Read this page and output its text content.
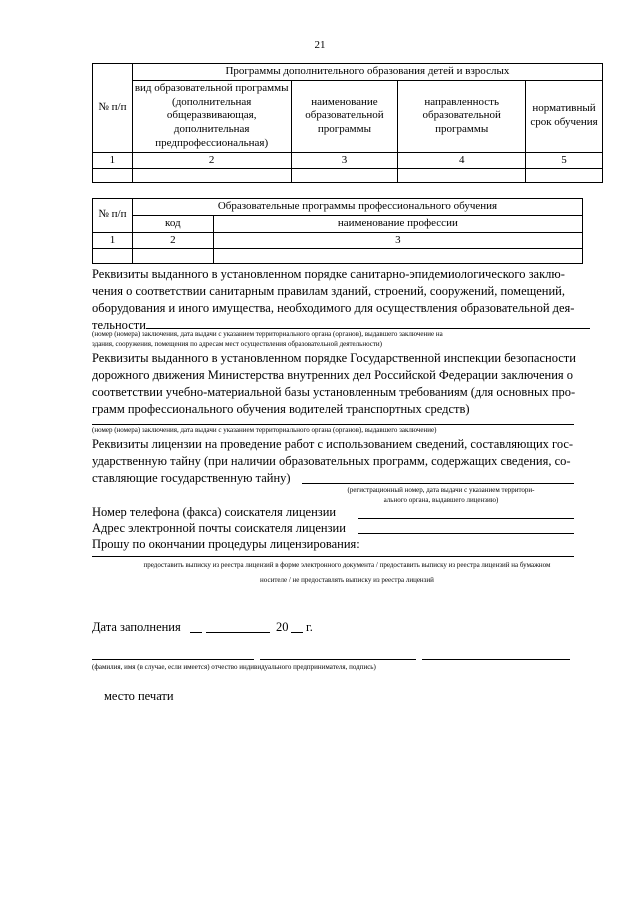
21
№ п/п	Программы дополнительного образования детей и взрослых			
	вид образовательной программы (дополнительная общеразвивающая, дополнительная предпрофессиональная)	наименование образовательной программы	направленность образовательной программы	нормативный срок обучения
1	2	3	4	5

№ п/п	Образовательные программы профессионального обучения	
	код	наименование профессии
1	2	3

Реквизиты выданного в установленном порядке санитарно-эпидемиологического заклю-
чения о соответствии санитарным правилам зданий, строений, сооружений, помещений,
оборудования и иного имущества, необходимого для осуществления образовательной дея-
тельности
(номер (номера) заключения, дата выдачи с указанием территориального органа (органов), выдавшего заключение на
здания, сооружения, помещения по адресам мест осуществления образовательной деятельности)
Реквизиты выданного в установленном порядке Государственной инспекции безопасности
дорожного движения Министерства внутренних дел Российской Федерации заключения о
соответствии учебно-материальной базы установленным требованиям (для основных про-
грамм профессионального обучения водителей транспортных средств)
(номер (номера) заключения, дата выдачи с указанием территориального органа (органов), выдавшего заключение)
Реквизиты лицензии на проведение работ с использованием сведений, составляющих гос-
ударственную тайну (при наличии образовательных программ, содержащих сведения, со-
ставляющие государственную тайну)
(регистрационный номер, дата выдачи с указанием территори-
ального органа, выдавшего лицензию)
Номер телефона (факса) соискателя лицензии
Адрес электронной почты соискателя лицензии
Прошу по окончании процедуры лицензирования:
предоставить выписку из реестра лицензий в форме электронного документа / предоставить выписку из реестра лицензий на бумажном
носителе / не предоставлять выписку из реестра лицензий
Дата заполнения	20 г.
(фамилия, имя (в случае, если имеется) отчество индивидуального предпринимателя, подпись)
место печати
